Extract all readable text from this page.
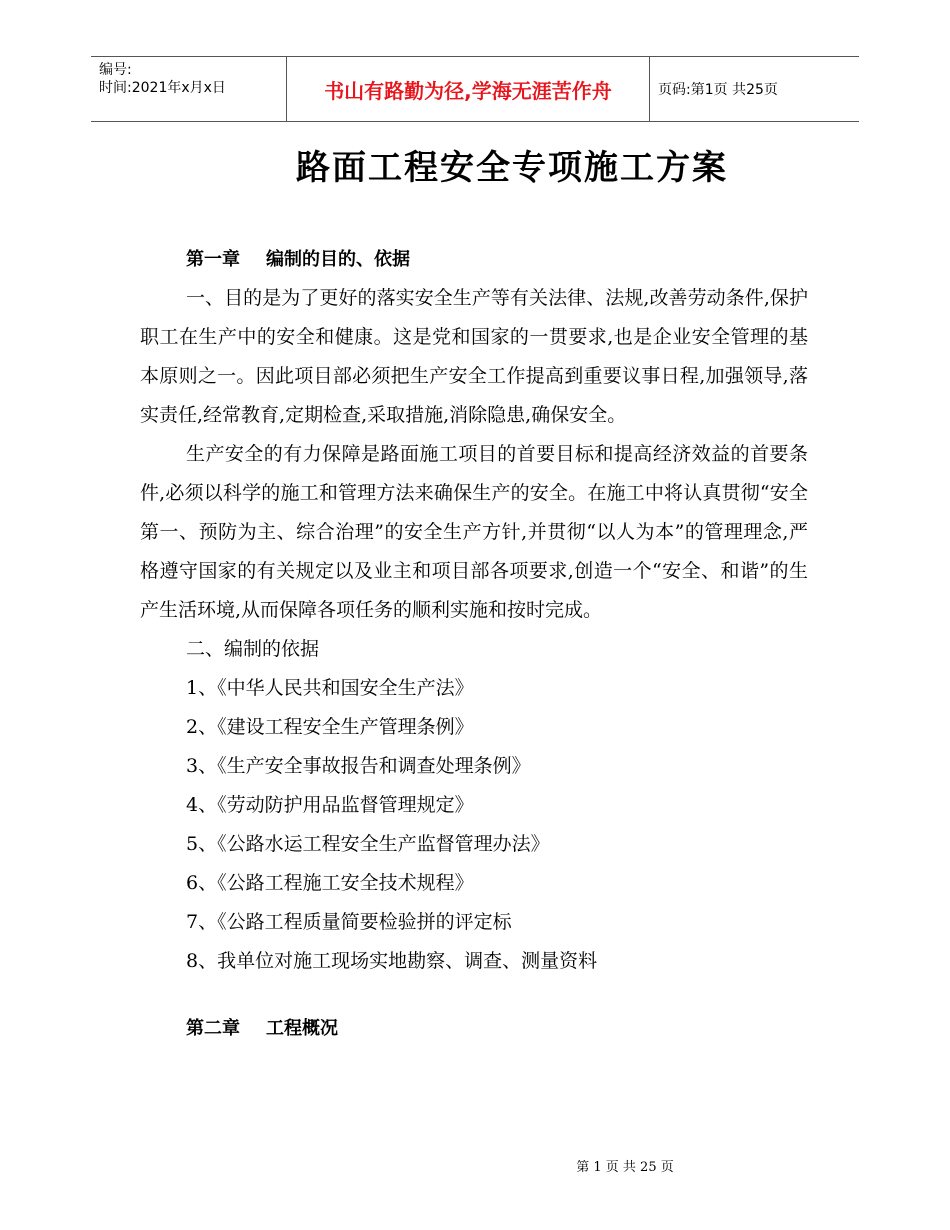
编号:
时间:2021年x月x日	书山有路勤为径,学海无涯苦作舟	页码:第1页 共25页
路面工程安全专项施工方案
第一章 编制的目的、依据

一、目的是为了更好的落实安全生产等有关法律、法规,改善劳动条件,保护职工在生产中的安全和健康。这是党和国家的一贯要求,也是企业安全管理的基本原则之一。因此项目部必须把生产安全工作提高到重要议事日程,加强领导,落实责任,经常教育,定期检查,采取措施,消除隐患,确保安全。

生产安全的有力保障是路面施工项目的首要目标和提高经济效益的首要条件,必须以科学的施工和管理方法来确保生产的安全。在施工中将认真贯彻“安全第一、预防为主、综合治理”的安全生产方针,并贯彻“以人为本”的管理理念,严格遵守国家的有关规定以及业主和项目部各项要求,创造一个“安全、和谐”的生产生活环境,从而保障各项任务的顺利实施和按时完成。

二、编制的依据

1、《中华人民共和国安全生产法》

2、《建设工程安全生产管理条例》

3、《生产安全事故报告和调查处理条例》

4、《劳动防护用品监督管理规定》

5、《公路水运工程安全生产监督管理办法》

6、《公路工程施工安全技术规程》

7、《公路工程质量简要检验拼的评定标

8、我单位对施工现场实地勘察、调查、测量资料

第二章 工程概况
第 1 页 共 25 页
